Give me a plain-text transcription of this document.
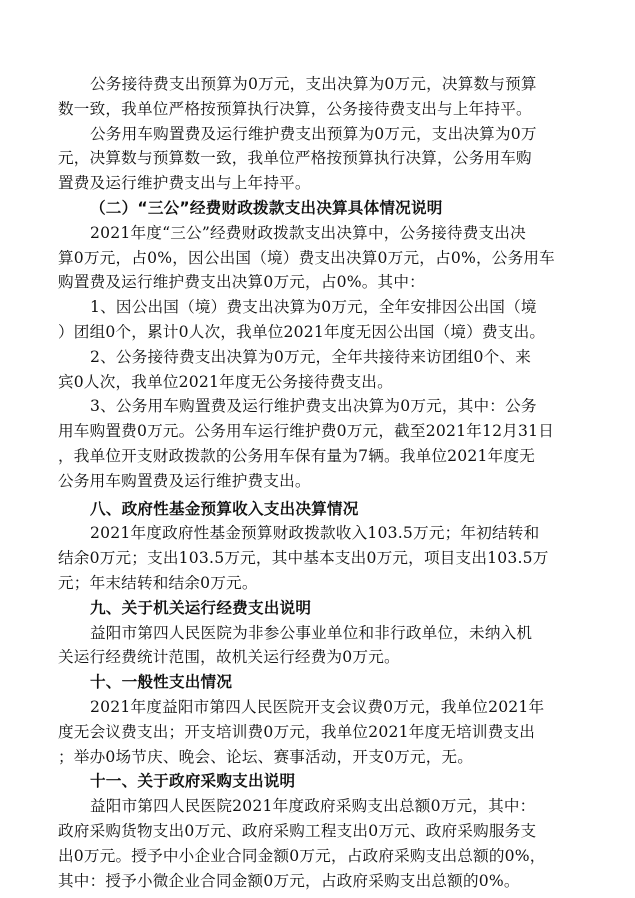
公务接待费支出预算为0万元，支出决算为0万元，决算数与预算
数一致，我单位严格按预算执行决算，公务接待费支出与上年持平。
公务用车购置费及运行维护费支出预算为0万元，支出决算为0万
元，决算数与预算数一致，我单位严格按预算执行决算，公务用车购
置费及运行维护费支出与上年持平。
（二）“三公”经费财政拨款支出决算具体情况说明
2021年度“三公”经费财政拨款支出决算中，公务接待费支出决
算0万元，占0%，因公出国（境）费支出决算0万元，占0%，公务用车
购置费及运行维护费支出决算0万元，占0%。其中：
1、因公出国（境）费支出决算为0万元，全年安排因公出国（境
）团组0个，累计0人次，我单位2021年度无因公出国（境）费支出。
2、公务接待费支出决算为0万元，全年共接待来访团组0个、来
宾0人次，我单位2021年度无公务接待费支出。
3、公务用车购置费及运行维护费支出决算为0万元，其中：公务
用车购置费0万元。公务用车运行维护费0万元，截至2021年12月31日
，我单位开支财政拨款的公务用车保有量为7辆。我单位2021年度无
公务用车购置费及运行维护费支出。
八、政府性基金预算收入支出决算情况
2021年度政府性基金预算财政拨款收入103.5万元；年初结转和
结余0万元；支出103.5万元，其中基本支出0万元，项目支出103.5万
元；年末结转和结余0万元。
九、关于机关运行经费支出说明
益阳市第四人民医院为非参公事业单位和非行政单位，未纳入机
关运行经费统计范围，故机关运行经费为0万元。
十、一般性支出情况
2021年度益阳市第四人民医院开支会议费0万元，我单位2021年
度无会议费支出；开支培训费0万元，我单位2021年度无培训费支出
；举办0场节庆、晚会、论坛、赛事活动，开支0万元，无。
十一、关于政府采购支出说明
益阳市第四人民医院2021年度政府采购支出总额0万元，其中：
政府采购货物支出0万元、政府采购工程支出0万元、政府采购服务支
出0万元。授予中小企业合同金额0万元，占政府采购支出总额的0%，
其中：授予小微企业合同金额0万元，占政府采购支出总额的0%。
